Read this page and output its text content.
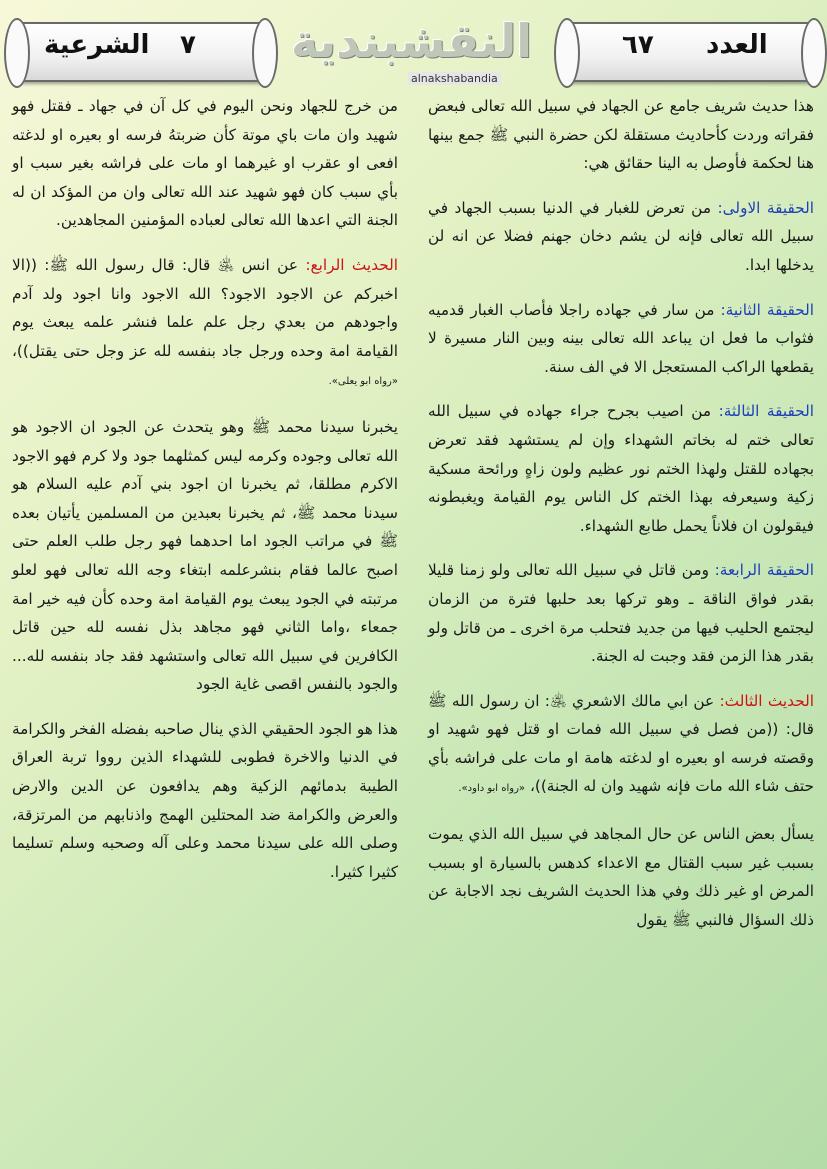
الشرعية ٧ النقشبندية
alnakshabandia
٦٧ العدد

هذا حديث شريف جامع عن الجهاد في سبيل الله تعالى فبعض فقراته وردت كأحاديث مستقلة لكن حضرة النبي ﷺ جمع بينها هنا لحكمة فأوصل به الينا حقائق هي:

الحقيقة الاولى: من تعرض للغبار في الدنيا بسبب الجهاد في سبيل الله تعالى فإنه لن يشم دخان جهنم فضلا عن انه لن يدخلها ابدا.

الحقيقة الثانية: من سار في جهاده راجلا فأصاب الغبار قدميه فثواب ما فعل ان يباعد الله تعالى بينه وبين النار مسيرة لا يقطعها الراكب المستعجل الا في الف سنة.

الحقيقة الثالثة: من اصيب بجرح جراء جهاده في سبيل الله تعالى ختم له بخاتم الشهداء وإن لم يستشهد فقد تعرض بجهاده للقتل ولهذا الختم نور عظيم ولون زاهٍ ورائحة مسكية زكية وسيعرفه بهذا الختم كل الناس يوم القيامة ويغبطونه فيقولون ان فلاناً يحمل طابع الشهداء.

الحقيقة الرابعة: ومن قاتل في سبيل الله تعالى ولو زمنا قليلا بقدر فواق الناقة ـ وهو تركها بعد حلبها فترة من الزمان ليجتمع الحليب فيها من جديد فتحلب مرة اخرى ـ من قاتل ولو بقدر هذا الزمن فقد وجبت له الجنة.

الحديث الثالث: عن ابي مالك الاشعري ﵁: ان رسول الله ﷺ قال: ((من فصل في سبيل الله فمات او قتل فهو شهيد او وقصته فرسه او بعيره او لدغته هامة او مات على فراشه بأي حتف شاء الله مات فإنه شهيد وان له الجنة))، «رواه ابو داود».

يسأل بعض الناس عن حال المجاهد في سبيل الله الذي يموت بسبب غير سبب القتال مع الاعداء كدهس بالسيارة او بسبب المرض او غير ذلك وفي هذا الحديث الشريف نجد الاجابة عن ذلك السؤال فالنبي ﷺ يقول

من خرج للجهاد ونحن اليوم في كل آن في جهاد ـ فقتل فهو شهيد وان مات باي موتة كأن ضربتهُ فرسه او بعيره او لدغته افعى او عقرب او غيرهما او مات على فراشه بغير سبب او بأي سبب كان فهو شهيد عند الله تعالى وان من المؤكد ان له الجنة التي اعدها الله تعالى لعباده المؤمنين المجاهدين.

الحديث الرابع: عن انس ﵁ قال: قال رسول الله ﷺ: ((الا اخبركم عن الاجود الاجود؟ الله الاجود وانا اجود ولد آدم واجودهم من بعدي رجل علم علما فنشر علمه يبعث يوم القيامة امة وحده ورجل جاد بنفسه لله عز وجل حتى يقتل))، «رواه ابو يعلى».

يخبرنا سيدنا محمد ﷺ وهو يتحدث عن الجود ان الاجود هو الله تعالى وجوده وكرمه ليس كمثلهما جود ولا كرم فهو الاجود الاكرم مطلقا، ثم يخبرنا ان اجود بني آدم عليه السلام هو سيدنا محمد ﷺ، ثم يخبرنا بعبدين من المسلمين يأتيان بعده ﷺ في مراتب الجود اما احدهما فهو رجل طلب العلم حتى اصبح عالما فقام بنشرعلمه ابتغاء وجه الله تعالى فهو لعلو مرتبته في الجود يبعث يوم القيامة امة وحده كأن فيه خير امة جمعاء ،واما الثاني فهو مجاهد بذل نفسه لله حين قاتل الكافرين في سبيل الله تعالى واستشهد فقد جاد بنفسه لله... والجود بالنفس اقصى غاية الجود

هذا هو الجود الحقيقي الذي ينال صاحبه بفضله الفخر والكرامة في الدنيا والاخرة فطوبى للشهداء الذين رووا تربة العراق الطيبة بدمائهم الزكية وهم يدافعون عن الدين والارض والعرض والكرامة ضد المحتلين الهمج واذنابهم من المرتزقة، وصلى الله على سيدنا محمد وعلى آله وصحبه وسلم تسليما كثيرا كثيرا.
